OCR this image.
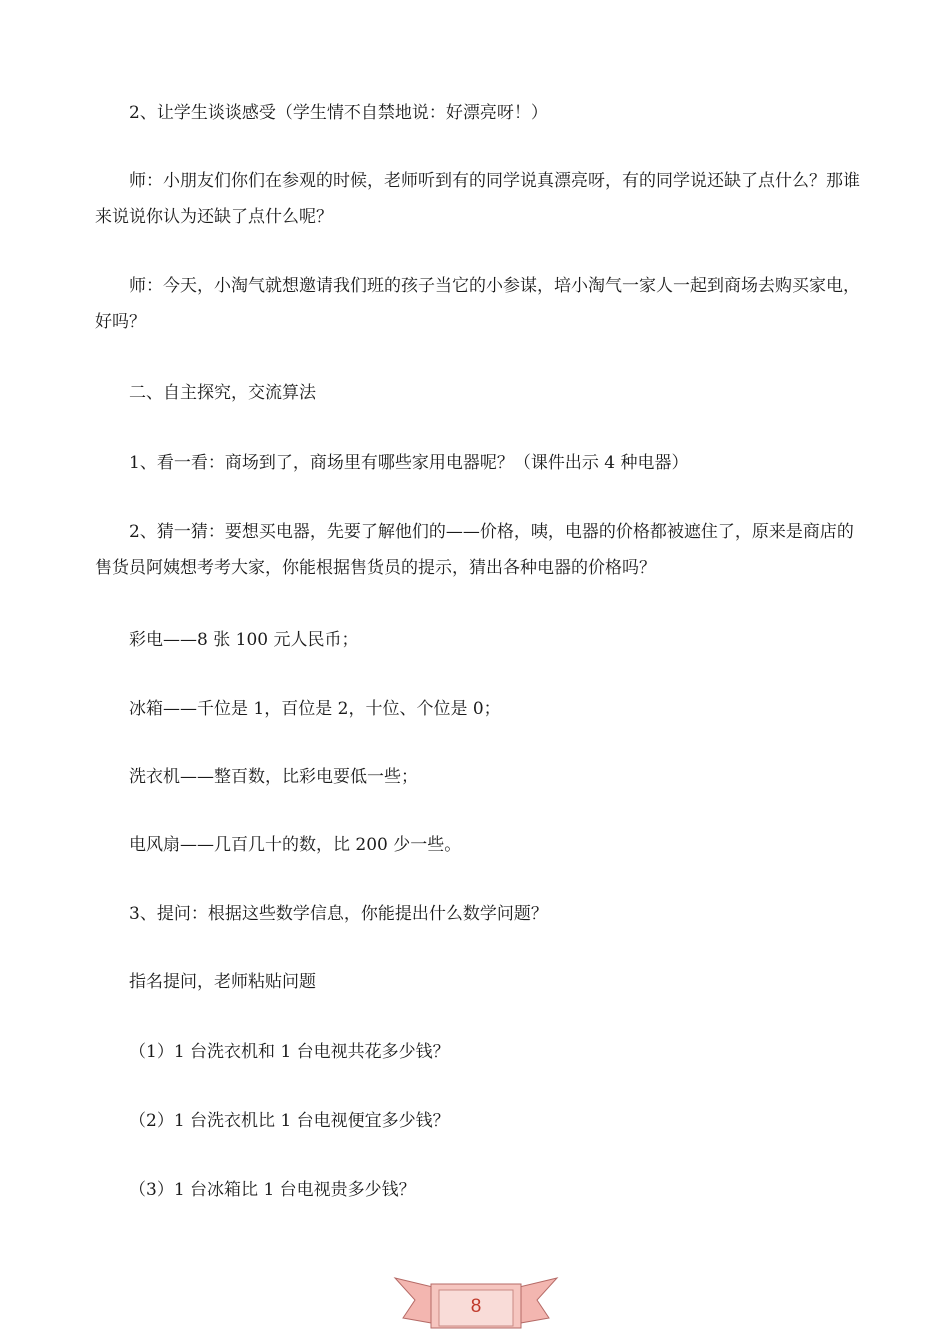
2、让学生谈谈感受（学生情不自禁地说：好漂亮呀！）
师：小朋友们你们在参观的时候，老师听到有的同学说真漂亮呀，有的同学说还缺了点什么？那谁来说说你认为还缺了点什么呢？
师：今天，小淘气就想邀请我们班的孩子当它的小参谋，培小淘气一家人一起到商场去购买家电，好吗？
二、自主探究，交流算法
1、看一看：商场到了，商场里有哪些家用电器呢？（课件出示 4 种电器）
2、猜一猜：要想买电器，先要了解他们的——价格，咦，电器的价格都被遮住了，原来是商店的售货员阿姨想考考大家，你能根据售货员的提示，猜出各种电器的价格吗？
彩电——8 张 100 元人民币；
冰箱——千位是 1，百位是 2，十位、个位是 0；
洗衣机——整百数，比彩电要低一些；
电风扇——几百几十的数，比 200 少一些。
3、提问：根据这些数学信息，你能提出什么数学问题？
指名提问，老师粘贴问题
（1）1 台洗衣机和 1 台电视共花多少钱？
（2）1 台洗衣机比 1 台电视便宜多少钱？
（3）1 台冰箱比 1 台电视贵多少钱？
8
